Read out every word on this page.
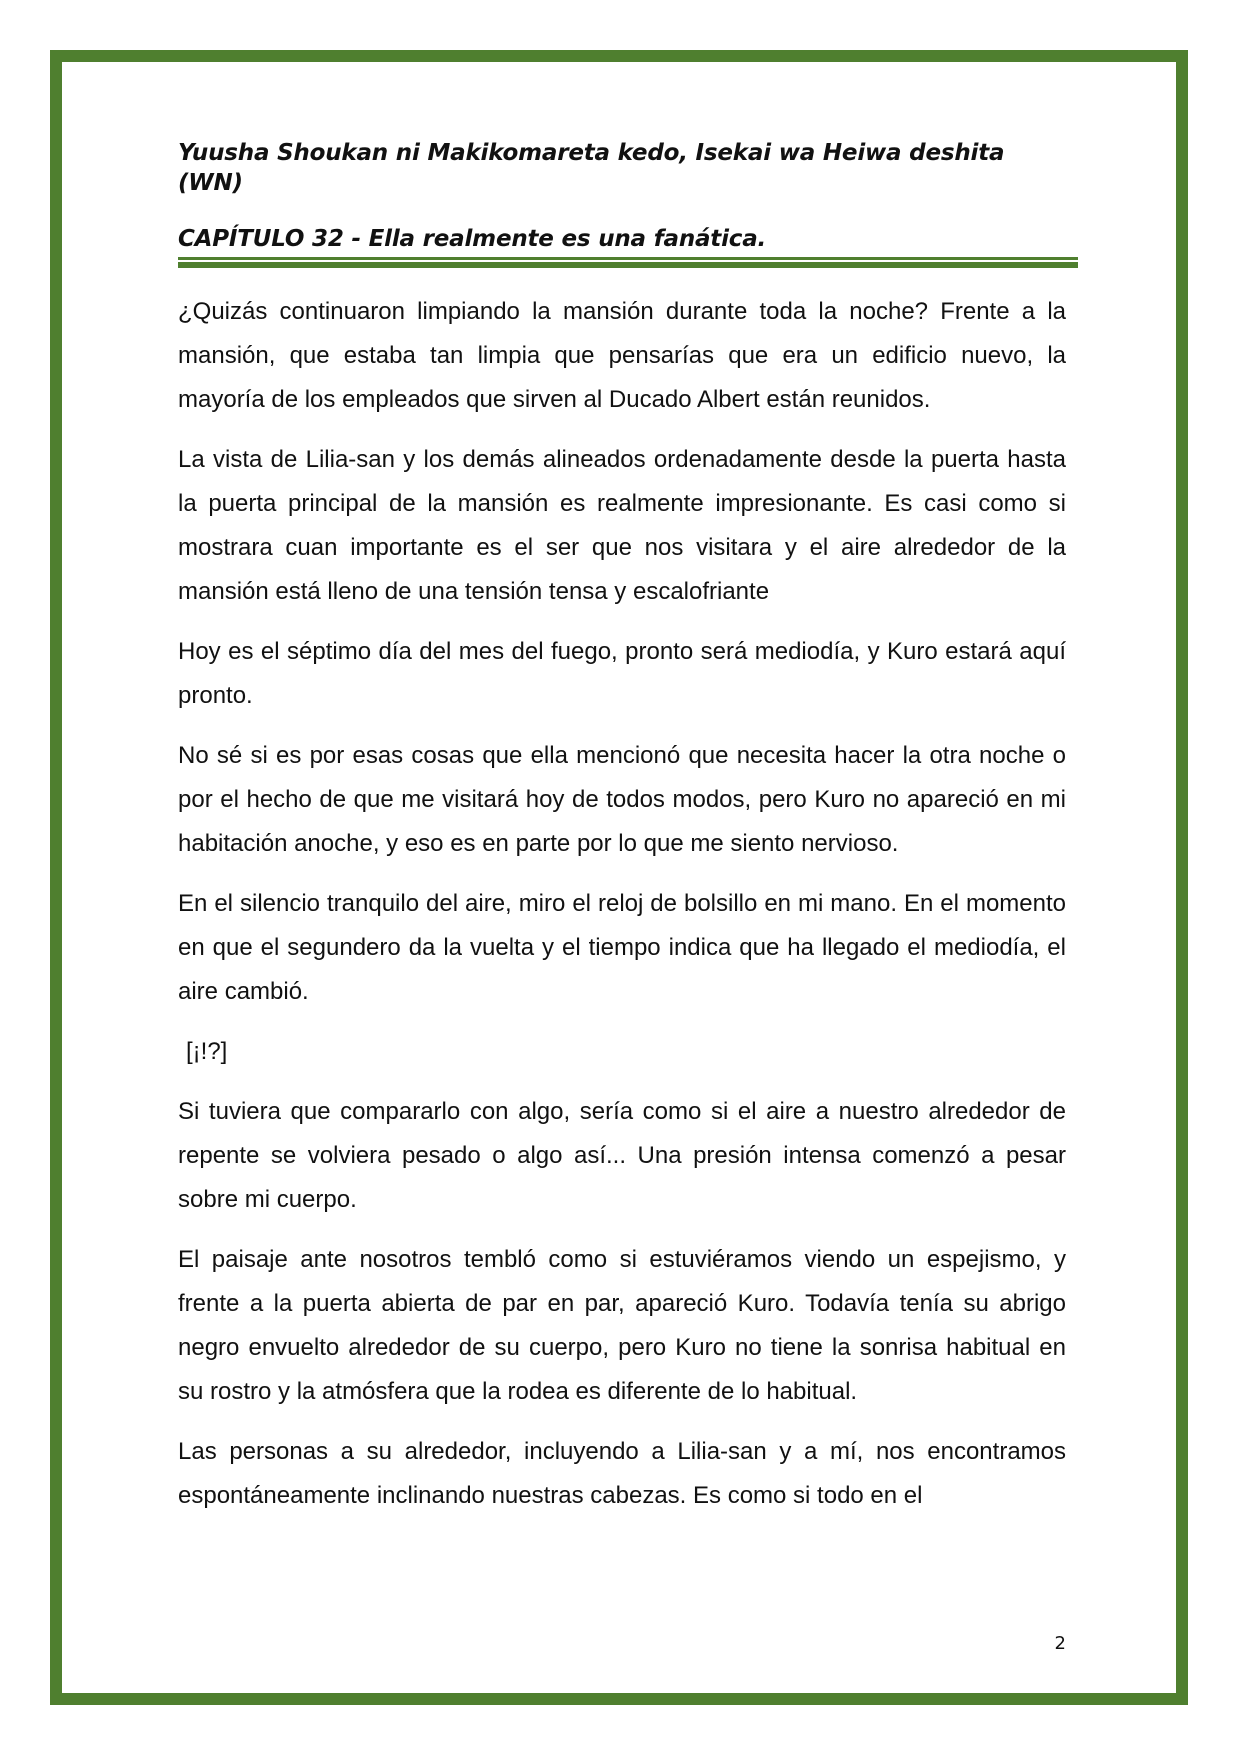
Yuusha Shoukan ni Makikomareta kedo, Isekai wa Heiwa deshita (WN)
CAPÍTULO 32 - Ella realmente es una fanática.

¿Quizás continuaron limpiando la mansión durante toda la noche? Frente a la mansión, que estaba tan limpia que pensarías que era un edificio nuevo, la mayoría de los empleados que sirven al Ducado Albert están reunidos.

La vista de Lilia-san y los demás alineados ordenadamente desde la puerta hasta la puerta principal de la mansión es realmente impresionante. Es casi como si mostrara cuan importante es el ser que nos visitara y el aire alrededor de la mansión está lleno de una tensión tensa y escalofriante

Hoy es el séptimo día del mes del fuego, pronto será mediodía, y Kuro estará aquí pronto.

No sé si es por esas cosas que ella mencionó que necesita hacer la otra noche o por el hecho de que me visitará hoy de todos modos, pero Kuro no apareció en mi habitación anoche, y eso es en parte por lo que me siento nervioso.

En el silencio tranquilo del aire, miro el reloj de bolsillo en mi mano. En el momento en que el segundero da la vuelta y el tiempo indica que ha llegado el mediodía, el aire cambió.

[¡!?]

Si tuviera que compararlo con algo, sería como si el aire a nuestro alrededor de repente se volviera pesado o algo así... Una presión intensa comenzó a pesar sobre mi cuerpo.

El paisaje ante nosotros tembló como si estuviéramos viendo un espejismo, y frente a la puerta abierta de par en par, apareció Kuro. Todavía tenía su abrigo negro envuelto alrededor de su cuerpo, pero Kuro no tiene la sonrisa habitual en su rostro y la atmósfera que la rodea es diferente de lo habitual.

Las personas a su alrededor, incluyendo a Lilia-san y a mí, nos encontramos espontáneamente inclinando nuestras cabezas. Es como si todo en el

2
